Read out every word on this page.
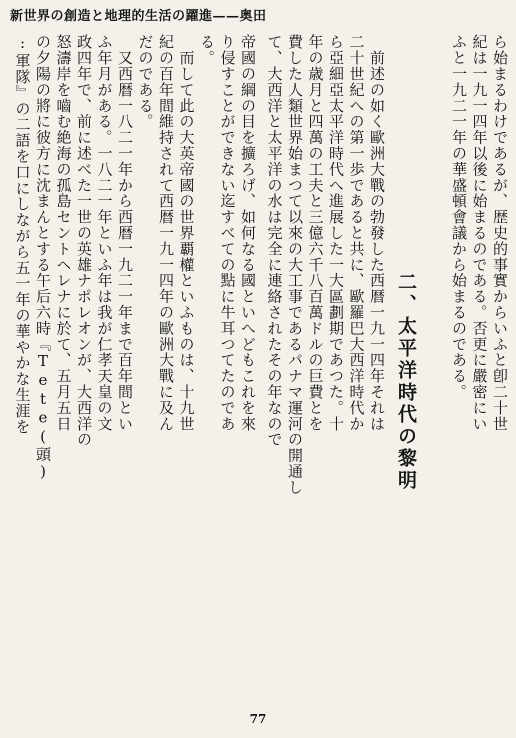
新世界の創造と地理的生活の躍進——奥田
ら始まるわけであるが、歴史的事實からいふと卽二十世
紀は一九一四年以後に始まるのである。否更に嚴密にい
ふと一九二一年の華盛頓會議から始まるのである。

　前述の如く歐洲大戰の勃發した西暦一九一四年それは
二十世紀への第一歩であると共に、歐羅巴大西洋時代か
ら亞細亞太平洋時代へ進展した一大區劃期であつた。十
年の歳月と四萬の工夫と三億六千八百萬ドルの巨費とを
費した人類世界始まつて以來の大工事であるパナマ運河の開通し
て、大西洋と太平洋の水は完全に連絡されたその年なので

　	二、太平洋時代の黎明
帝國の綱の目を擴ろげ、如何なる國といへどもこれを來
り侵すことができない迄すべての點に牛耳つてたのであ
る。
　而して此の大英帝國の世界覇權といふものは、十九世
紀の百年間維持されて西暦一九一四年の歐洲大戰に及ん
だのである。
　又西暦一八二一年から西暦一九二一年まで百年間とい
ふ年月がある。一八二一年といふ年は我が仁孝天皇の文
政四年で、前に述べた一世の英雄ナポレオンが、大西洋の
怒濤岸を嚙む絶海の孤島セントヘレナに於て、五月五日
の夕陽の將に彼方に沈まんとする午后六時『Tete(頭)
:軍隊』の二語を口にしながら五一年の華やかな生涯を

77
